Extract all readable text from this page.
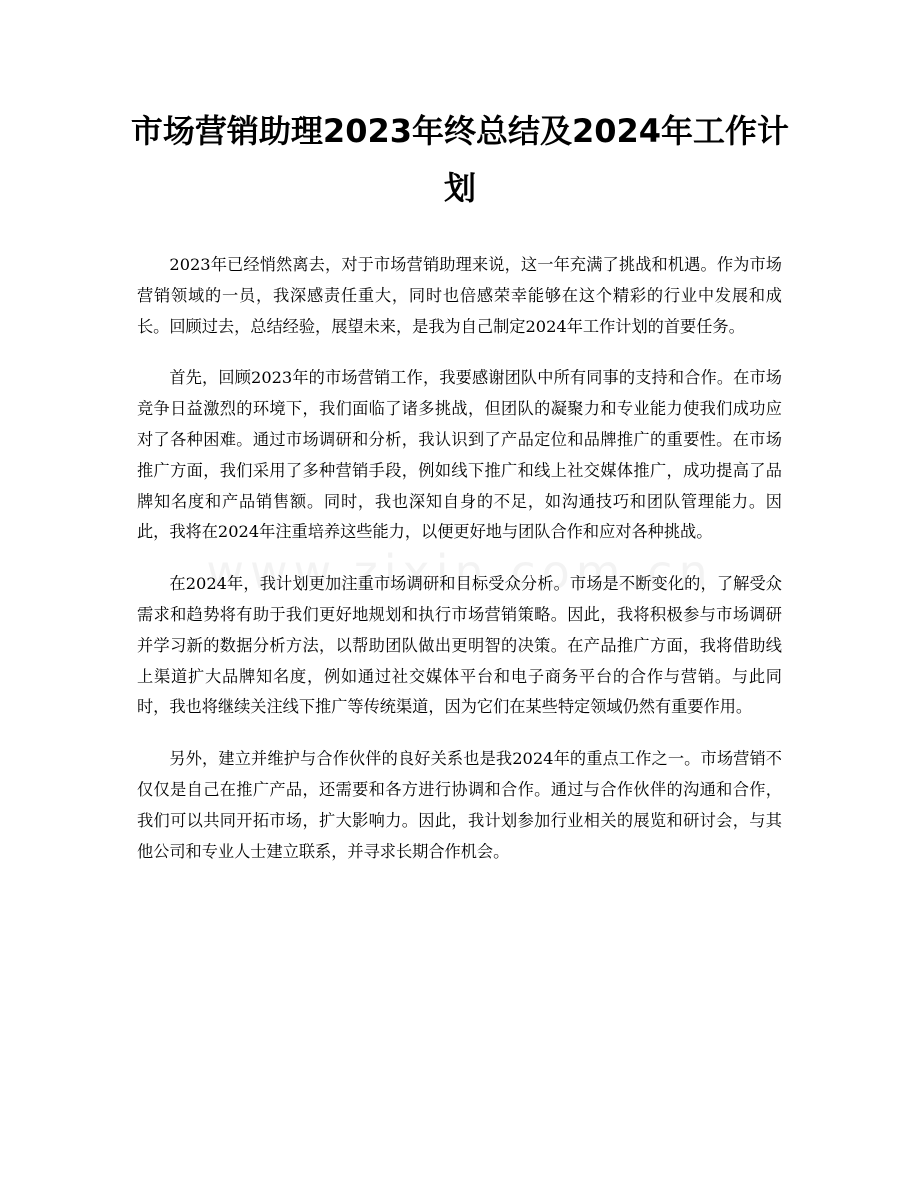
市场营销助理2023年终总结及2024年工作计划

2023年已经悄然离去，对于市场营销助理来说，这一年充满了挑战和机遇。作为市场营销领域的一员，我深感责任重大，同时也倍感荣幸能够在这个精彩的行业中发展和成长。回顾过去，总结经验，展望未来，是我为自己制定2024年工作计划的首要任务。

首先，回顾2023年的市场营销工作，我要感谢团队中所有同事的支持和合作。在市场竞争日益激烈的环境下，我们面临了诸多挑战，但团队的凝聚力和专业能力使我们成功应对了各种困难。通过市场调研和分析，我认识到了产品定位和品牌推广的重要性。在市场推广方面，我们采用了多种营销手段，例如线下推广和线上社交媒体推广，成功提高了品牌知名度和产品销售额。同时，我也深知自身的不足，如沟通技巧和团队管理能力。因此，我将在2024年注重培养这些能力，以便更好地与团队合作和应对各种挑战。

在2024年，我计划更加注重市场调研和目标受众分析。市场是不断变化的，了解受众需求和趋势将有助于我们更好地规划和执行市场营销策略。因此，我将积极参与市场调研并学习新的数据分析方法，以帮助团队做出更明智的决策。在产品推广方面，我将借助线上渠道扩大品牌知名度，例如通过社交媒体平台和电子商务平台的合作与营销。与此同时，我也将继续关注线下推广等传统渠道，因为它们在某些特定领域仍然有重要作用。

另外，建立并维护与合作伙伴的良好关系也是我2024年的重点工作之一。市场营销不仅仅是自己在推广产品，还需要和各方进行协调和合作。通过与合作伙伴的沟通和合作，我们可以共同开拓市场，扩大影响力。因此，我计划参加行业相关的展览和研讨会，与其他公司和专业人士建立联系，并寻求长期合作机会。
